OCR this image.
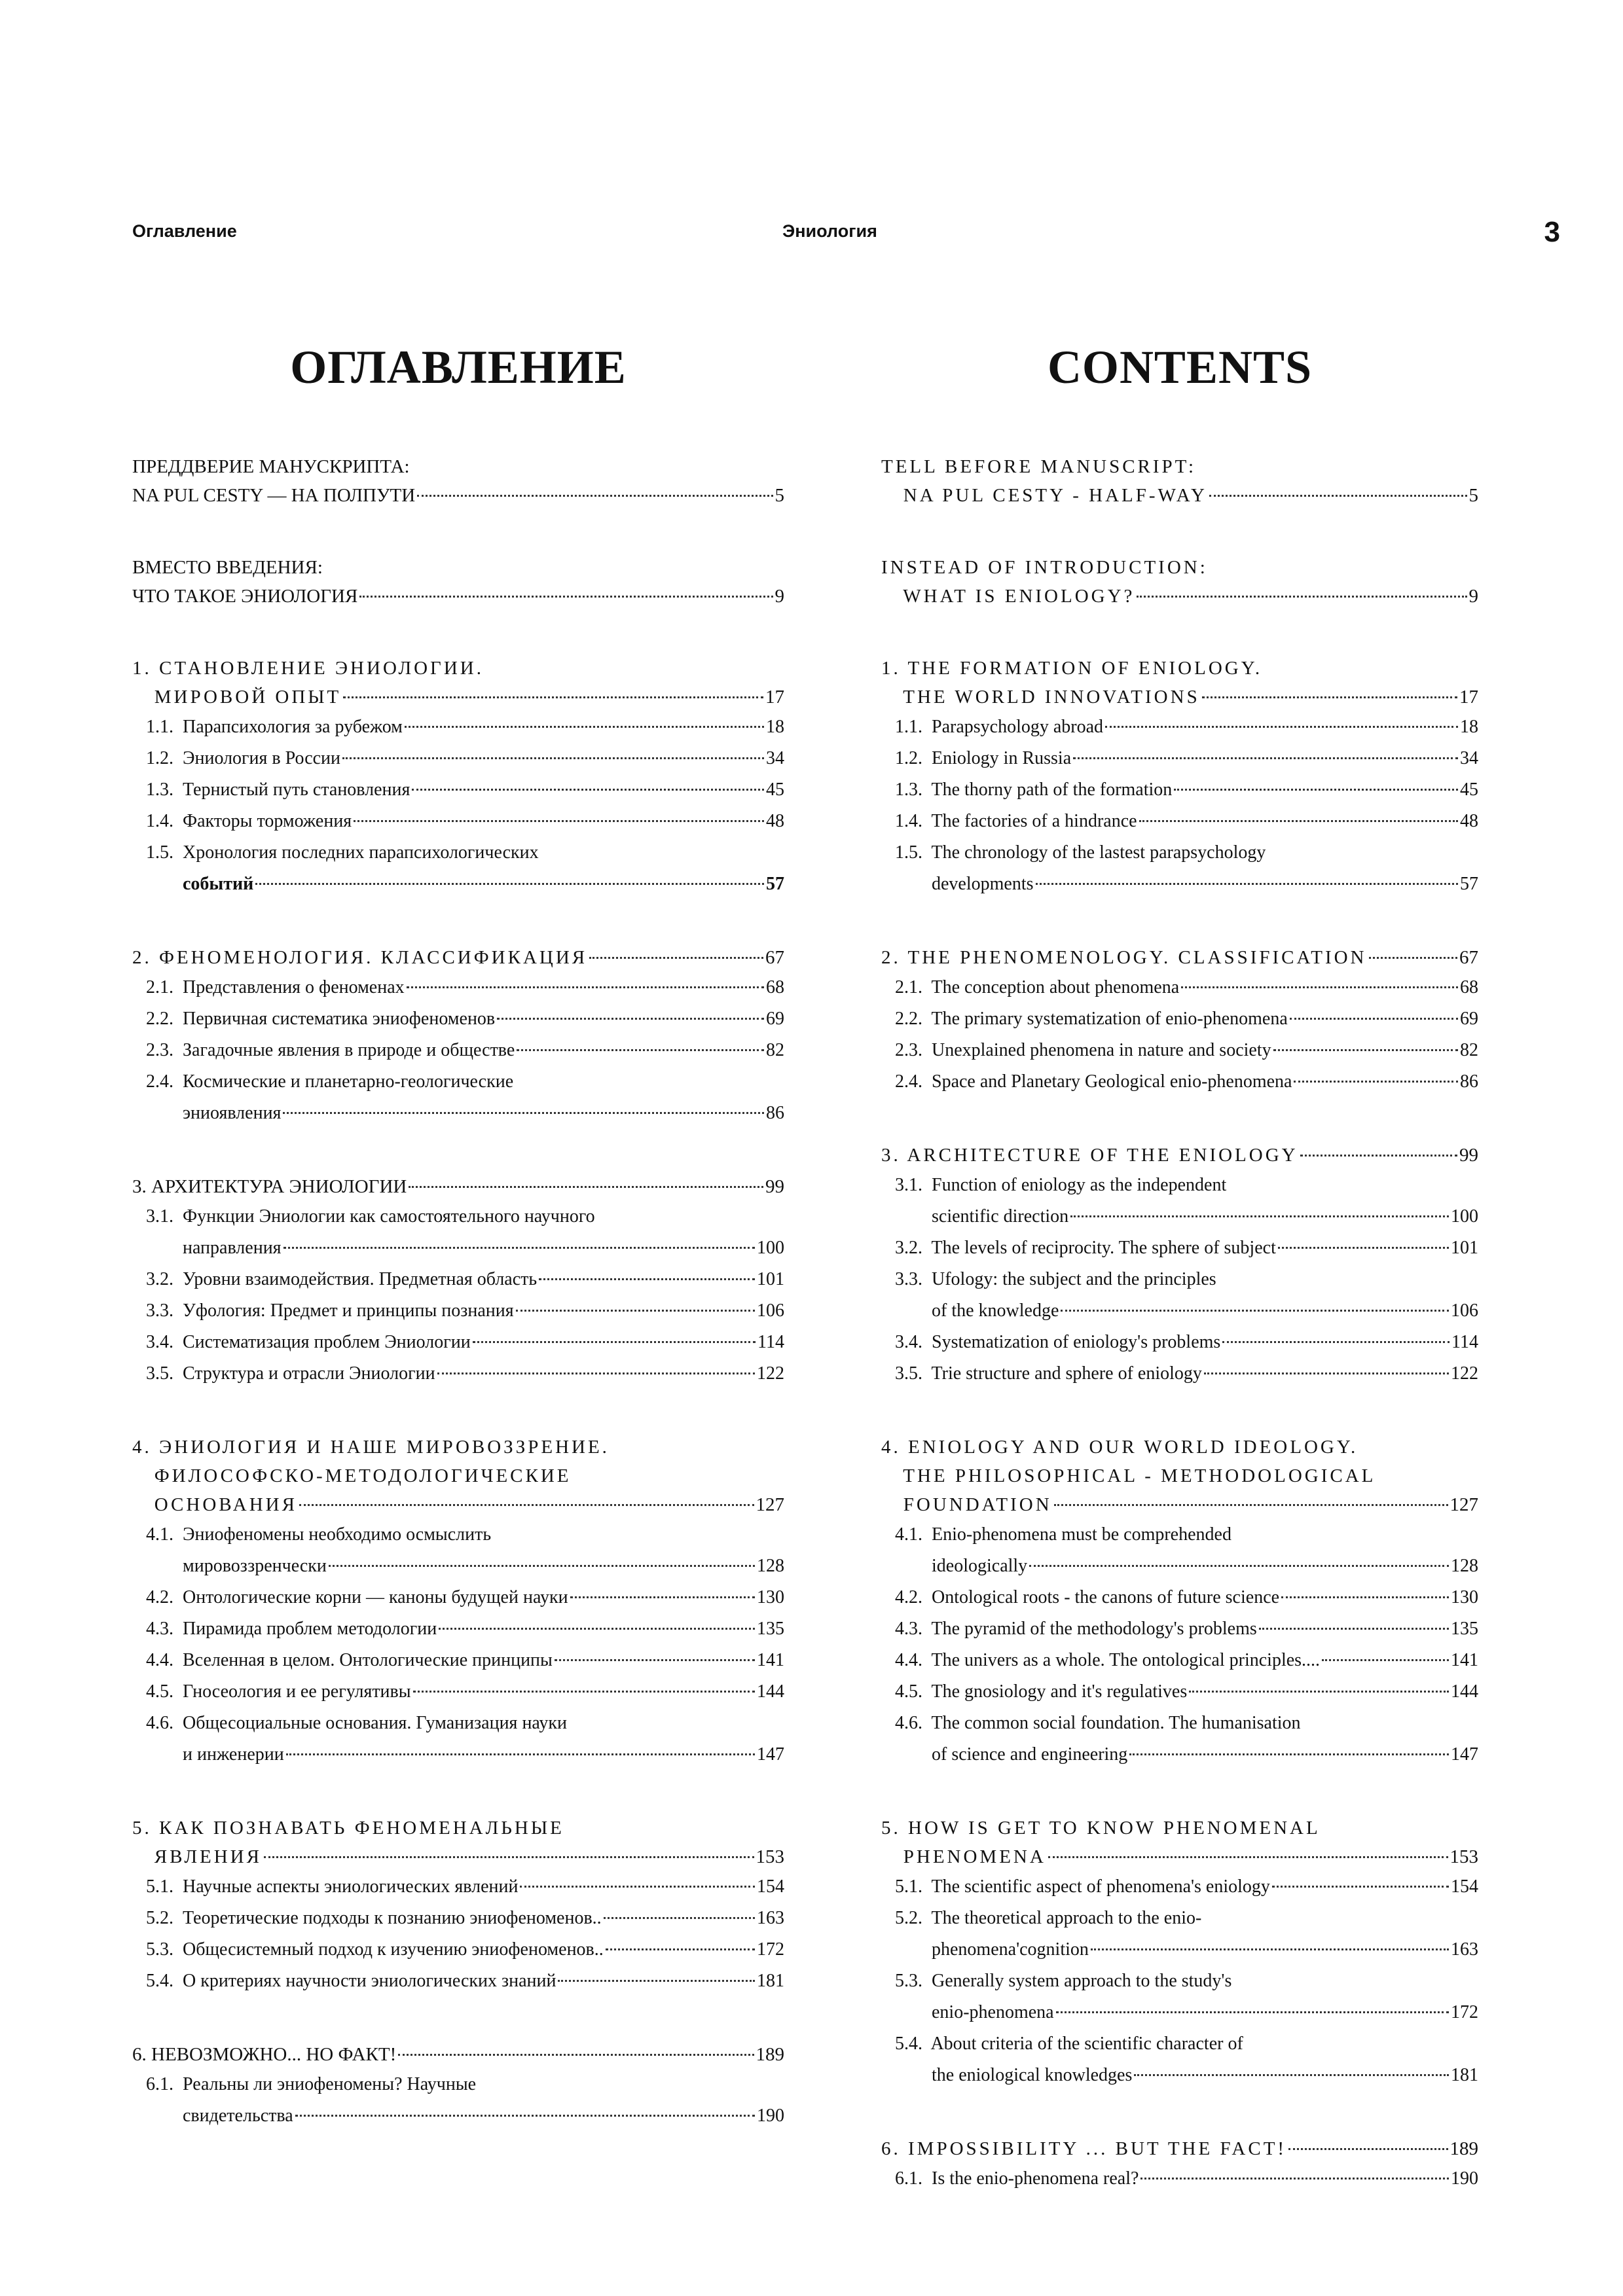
Оглавление	Эниология	3
ОГЛАВЛЕНИЕ
ПРЕДДВЕРИЕ МАНУСКРИПТА:
NA PUL CESTY — НА ПОЛПУТИ	5
ВМЕСТО ВВЕДЕНИЯ:
ЧТО ТАКОЕ ЭНИОЛОГИЯ	9
1. СТАНОВЛЕНИЕ ЭНИОЛОГИИ.
МИРОВОЙ ОПЫТ	17
1.1.  Парапсихология за рубежом	18
1.2.  Эниология в России	34
1.3.  Тернистый путь становления	45
1.4.  Факторы торможения	48
1.5.  Хронология последних парапсихологических
событий	57
2. ФЕНОМЕНОЛОГИЯ. КЛАССИФИКАЦИЯ	67
2.1.  Представления о феноменах	68
2.2.  Первичная систематика эниофеноменов	69
2.3.  Загадочные явления в природе и обществе	82
2.4.  Космические и планетарно-геологические
эниоявления	86
3. АРХИТЕКТУРА ЭНИОЛОГИИ	99
3.1.  Функции Эниологии как самостоятельного научного
направления	100
3.2.  Уровни взаимодействия. Предметная область	101
3.3.  Уфология: Предмет и принципы познания	106
3.4.  Систематизация проблем Эниологии	114
3.5.  Структура и отрасли Эниологии	122
4. ЭНИОЛОГИЯ И НАШЕ МИРОВОЗЗРЕНИЕ.
ФИЛОСОФСКО-МЕТОДОЛОГИЧЕСКИЕ
ОСНОВАНИЯ	127
4.1.  Эниофеномены необходимо осмыслить
мировоззренчески	128
4.2.  Онтологические корни — каноны будущей науки	130
4.3.  Пирамида проблем методологии	135
4.4.  Вселенная в целом. Онтологические принципы	141
4.5.  Гносеология и ее регулятивы	144
4.6.  Общесоциальные основания. Гуманизация науки
и инженерии	147
5. КАК ПОЗНАВАТЬ ФЕНОМЕНАЛЬНЫЕ
ЯВЛЕНИЯ	153
5.1.  Научные аспекты эниологических явлений	154
5.2.  Теоретические подходы к познанию эниофеноменов..	163
5.3.  Общесистемный подход к изучению эниофеноменов..	172
5.4.  О критериях научности эниологических знаний	181
6. НЕВОЗМОЖНО... НО ФАКТ!	189
6.1.  Реальны ли эниофеномены? Научные
свидетельства	190
CONTENTS
TELL BEFORE MANUSCRIPT:
NA PUL CESTY - HALF-WAY	5
INSTEAD OF INTRODUCTION:
WHAT IS ENIOLOGY?	9
1. THE FORMATION OF ENIOLOGY.
THE WORLD INNOVATIONS	17
1.1.  Parapsychology abroad	18
1.2.  Eniology in Russia	34
1.3.  The thorny path of the formation	45
1.4.  The factories of a hindrance	48
1.5.  The chronology of the lastest parapsychology
developments	57
2. THE PHENOMENOLOGY. CLASSIFICATION	67
2.1.  The conception about phenomena	68
2.2.  The primary systematization of enio-phenomena	69
2.3.  Unexplained phenomena in nature and society	82
2.4.  Space and Planetary Geological enio-phenomena	86
3. ARCHITECTURE OF THE ENIOLOGY	99
3.1.  Function of eniology as the independent
scientific direction	100
3.2.  The levels of reciprocity. The sphere of subject	101
3.3.  Ufology: the subject and the principles
of the knowledge	106
3.4.  Systematization of eniology's problems	114
3.5.  Trie structure and sphere of eniology	122
4. ENIOLOGY AND OUR WORLD IDEOLOGY.
THE PHILOSOPHICAL - METHODOLOGICAL
FOUNDATION	127
4.1.  Enio-phenomena must be comprehended
ideologically	128
4.2.  Ontological roots - the canons of future science	130
4.3.  The pyramid of the methodology's problems	135
4.4.  The univers as a whole. The ontological principles....	141
4.5.  The gnosiology and it's regulatives	144
4.6.  The common social foundation. The humanisation
of science and engineering	147
5. HOW IS GET TO KNOW PHENOMENAL
PHENOMENA	153
5.1.  The scientific aspect of phenomena's eniology	154
5.2.  The theoretical approach to the enio-
phenomena'cognition	163
5.3.  Generally system approach to the study's
enio-phenomena	172
5.4.  About criteria of the scientific character of
the eniological knowledges	181
6. IMPOSSIBILITY ... BUT THE FACT!	189
6.1.  Is the enio-phenomena real?	190
